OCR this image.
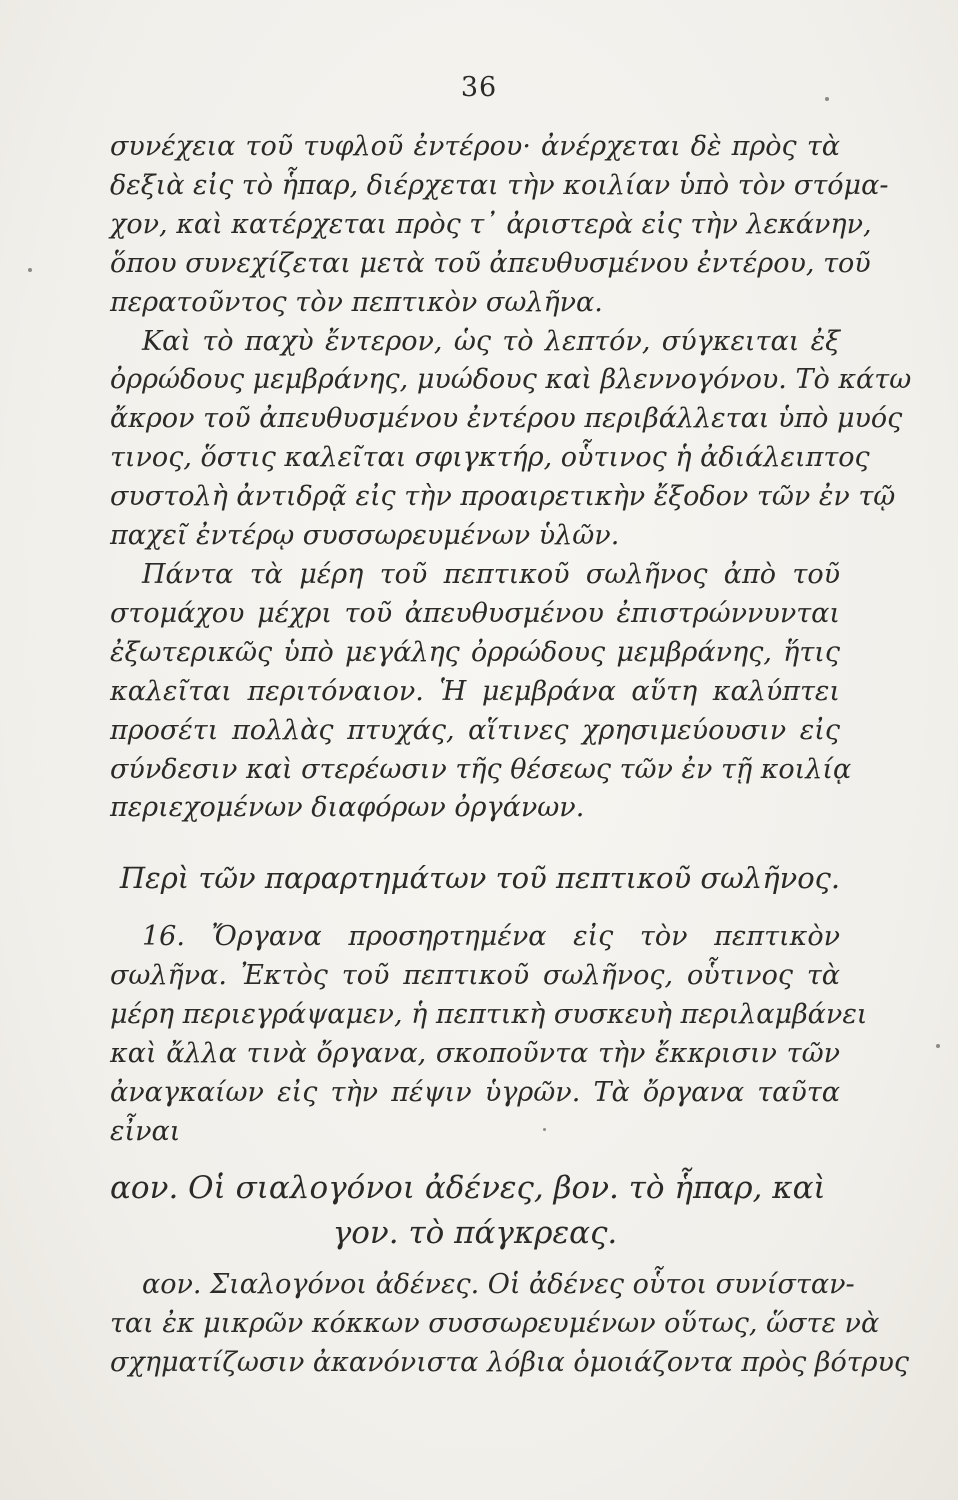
36
συνέχεια τοῦ τυφλοῦ ἐντέρου· ἀνέρχεται δὲ πρὸς τὰ
δεξιὰ εἰς τὸ ἧπαρ, διέρχεται τὴν κοιλίαν ὑπὸ τὸν στόμα-
χον, καὶ κατέρχεται πρὸς τ᾽ ἀριστερὰ εἰς τὴν λεκάνην,
ὅπου συνεχίζεται μετὰ τοῦ ἀπευθυσμένου ἐντέρου, τοῦ
περατοῦντος τὸν πεπτικὸν σωλῆνα.
Καὶ τὸ παχὺ ἔντερον, ὡς τὸ λεπτόν, σύγκειται ἐξ
ὀρρώδους μεμβράνης, μυώδους καὶ βλεννογόνου. Τὸ κάτω
ἄκρον τοῦ ἀπευθυσμένου ἐντέρου περιβάλλεται ὑπὸ μυός
τινος, ὅστις καλεῖται σφιγκτήρ, οὗτινος ἡ ἀδιάλειπτος
συστολὴ ἀντιδρᾷ εἰς τὴν προαιρετικὴν ἔξοδον τῶν ἐν τῷ
παχεῖ ἐντέρῳ συσσωρευμένων ὑλῶν.
Πάντα τὰ μέρη τοῦ πεπτικοῦ σωλῆνος ἀπὸ τοῦ
στομάχου μέχρι τοῦ ἀπευθυσμένου ἐπιστρώννυνται
ἐξωτερικῶς ὑπὸ μεγάλης ὀρρώδους μεμβράνης, ἥτις
καλεῖται περιτόναιον. Ἡ μεμβράνα αὕτη καλύπτει
προσέτι πολλὰς πτυχάς, αἵτινες χρησιμεύουσιν εἰς
σύνδεσιν καὶ στερέωσιν τῆς θέσεως τῶν ἐν τῇ κοιλίᾳ
περιεχομένων διαφόρων ὀργάνων.
Περὶ τῶν παραρτημάτων τοῦ πεπτικοῦ σωλῆνος.
16. Ὄργανα προσηρτημένα εἰς τὸν πεπτικὸν
σωλῆνα. Ἐκτὸς τοῦ πεπτικοῦ σωλῆνος, οὗτινος τὰ
μέρη περιεγράψαμεν, ἡ πεπτικὴ συσκευὴ περιλαμβάνει
καὶ ἄλλα τινὰ ὄργανα, σκοποῦντα τὴν ἔκκρισιν τῶν
ἀναγκαίων εἰς τὴν πέψιν ὑγρῶν. Τὰ ὄργανα ταῦτα
εἶναι
αον. Οἱ σιαλογόνοι ἀδένες, βον. τὸ ἧπαρ, καὶ
γον. τὸ πάγκρεας.
αον. Σιαλογόνοι ἀδένες. Οἱ ἀδένες οὗτοι συνίσταν-
ται ἐκ μικρῶν κόκκων συσσωρευμένων οὕτως, ὥστε νὰ
σχηματίζωσιν ἀκανόνιστα λόβια ὁμοιάζοντα πρὸς βότρυς
